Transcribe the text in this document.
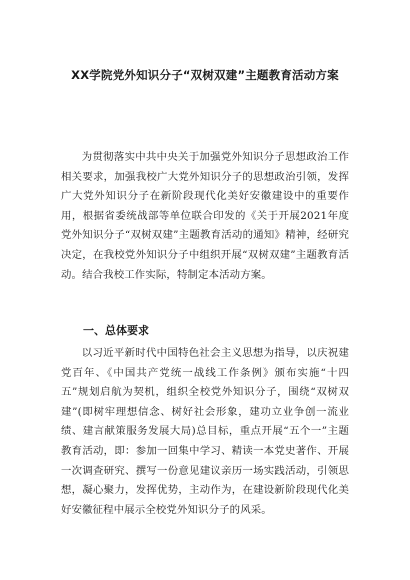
XX学院党外知识分子“双树双建”主题教育活动方案

为贯彻落实中共中央关于加强党外知识分子思想政治工作相关要求，加强我校广大党外知识分子的思想政治引领，发挥广大党外知识分子在新阶段现代化美好安徽建设中的重要作用，根据省委统战部等单位联合印发的《关于开展2021年度党外知识分子“双树双建”主题教育活动的通知》精神，经研究决定，在我校党外知识分子中组织开展“双树双建”主题教育活动。结合我校工作实际，特制定本活动方案。

一、总体要求

以习近平新时代中国特色社会主义思想为指导，以庆祝建党百年、《中国共产党统一战线工作条例》颁布实施“十四五”规划启航为契机，组织全校党外知识分子，围绕“双树双建”(即树牢理想信念、树好社会形象，建功立业争创一流业绩、建言献策服务发展大局)总目标，重点开展“五个一”主题教育活动，即：参加一回集中学习、精读一本党史著作、开展一次调查研究、撰写一份意见建议亲历一场实践活动，引领思想，凝心聚力，发挥优势，主动作为，在建设新阶段现代化美好安徽征程中展示全校党外知识分子的风采。
